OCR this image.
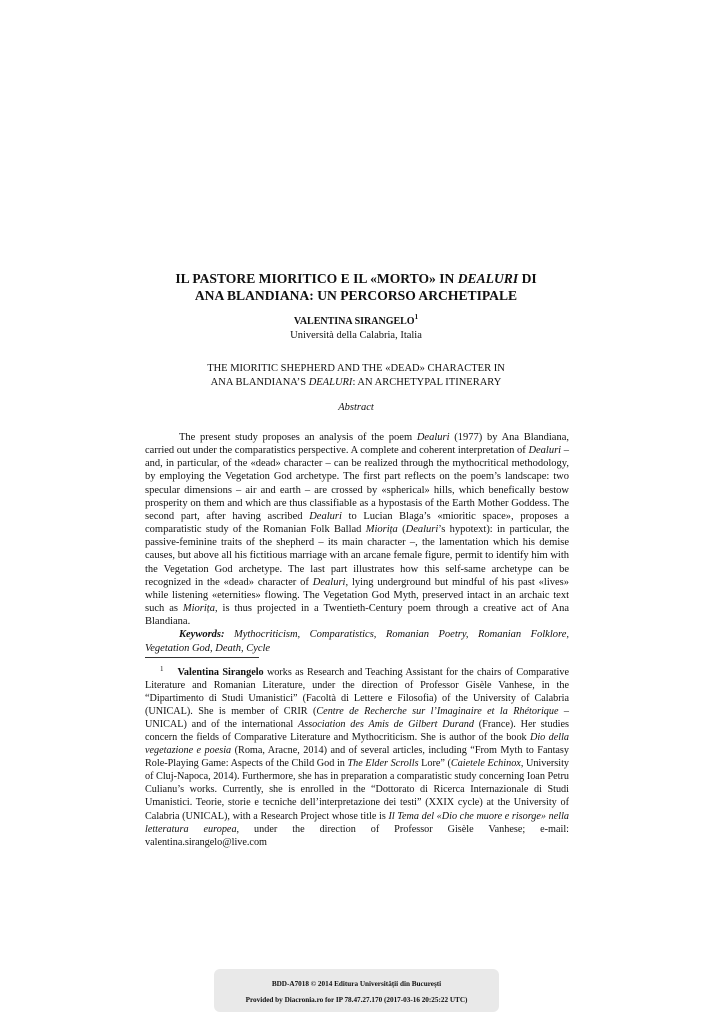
IL PASTORE MIORITICO E IL «MORTO» IN DEALURI DI
ANA BLANDIANA: UN PERCORSO ARCHETIPALE
VALENTINA SIRANGELO$^1$
Università della Calabria, Italia
THE MIORITIC SHEPHERD AND THE «DEAD» CHARACTER IN
ANA BLANDIANA’S DEALURI: AN ARCHETYPAL ITINERARY
Abstract

The present study proposes an analysis of the poem Dealuri (1977) by Ana Blandiana, carried out under the comparatistics perspective. A complete and coherent interpretation of Dealuri – and, in particular, of the «dead» character – can be realized through the mythocritical methodology, by employing the Vegetation God archetype. The first part reflects on the poem’s landscape: two specular dimensions – air and earth – are crossed by «spherical» hills, which benefically bestow prosperity on them and which are thus classifiable as a hypostasis of the Earth Mother Goddess. The second part, after having ascribed Dealuri to Lucian Blaga’s «mioritic space», proposes a comparatistic study of the Romanian Folk Ballad Miorița (Dealuri’s hypotext): in particular, the passive-feminine traits of the shepherd – its main character –, the lamentation which his demise causes, but above all his fictitious marriage with an arcane female figure, permit to identify him with the Vegetation God archetype. The last part illustrates how this self-same archetype can be recognized in the «dead» character of Dealuri, lying underground but mindful of his past «lives» while listening «eternities» flowing. The Vegetation God Myth, preserved intact in an archaic text such as Miorița, is thus projected in a Twentieth-Century poem through a creative act of Ana Blandiana.

Keywords: Mythocriticism, Comparatistics, Romanian Poetry, Romanian Folklore, Vegetation God, Death, Cycle

$^1$ Valentina Sirangelo works as Research and Teaching Assistant for the chairs of Comparative Literature and Romanian Literature, under the direction of Professor Gisèle Vanhese, in the “Dipartimento di Studi Umanistici” (Facoltà di Lettere e Filosofia) of the University of Calabria (UNICAL). She is member of CRIR (Centre de Recherche sur l’Imaginaire et la Rhétorique – UNICAL) and of the international Association des Amis de Gilbert Durand (France). Her studies concern the fields of Comparative Literature and Mythocriticism. She is author of the book Dio della vegetazione e poesia (Roma, Aracne, 2014) and of several articles, including “From Myth to Fantasy Role-Playing Game: Aspects of the Child God in The Elder Scrolls Lore” (Caietele Echinox, University of Cluj-Napoca, 2014). Furthermore, she has in preparation a comparatistic study concerning Ioan Petru Culianu’s works. Currently, she is enrolled in the “Dottorato di Ricerca Internazionale di Studi Umanistici. Teorie, storie e tecniche dell’interpretazione dei testi” (XXIX cycle) at the University of Calabria (UNICAL), with a Research Project whose title is Il Tema del «Dio che muore e risorge» nella letteratura europea, under the direction of Professor Gisèle Vanhese; e-mail: valentina.sirangelo@live.com

BDD-A7018 © 2014 Editura Universității din București
Provided by Diacronia.ro for IP 78.47.27.170 (2017-03-16 20:25:22 UTC)
